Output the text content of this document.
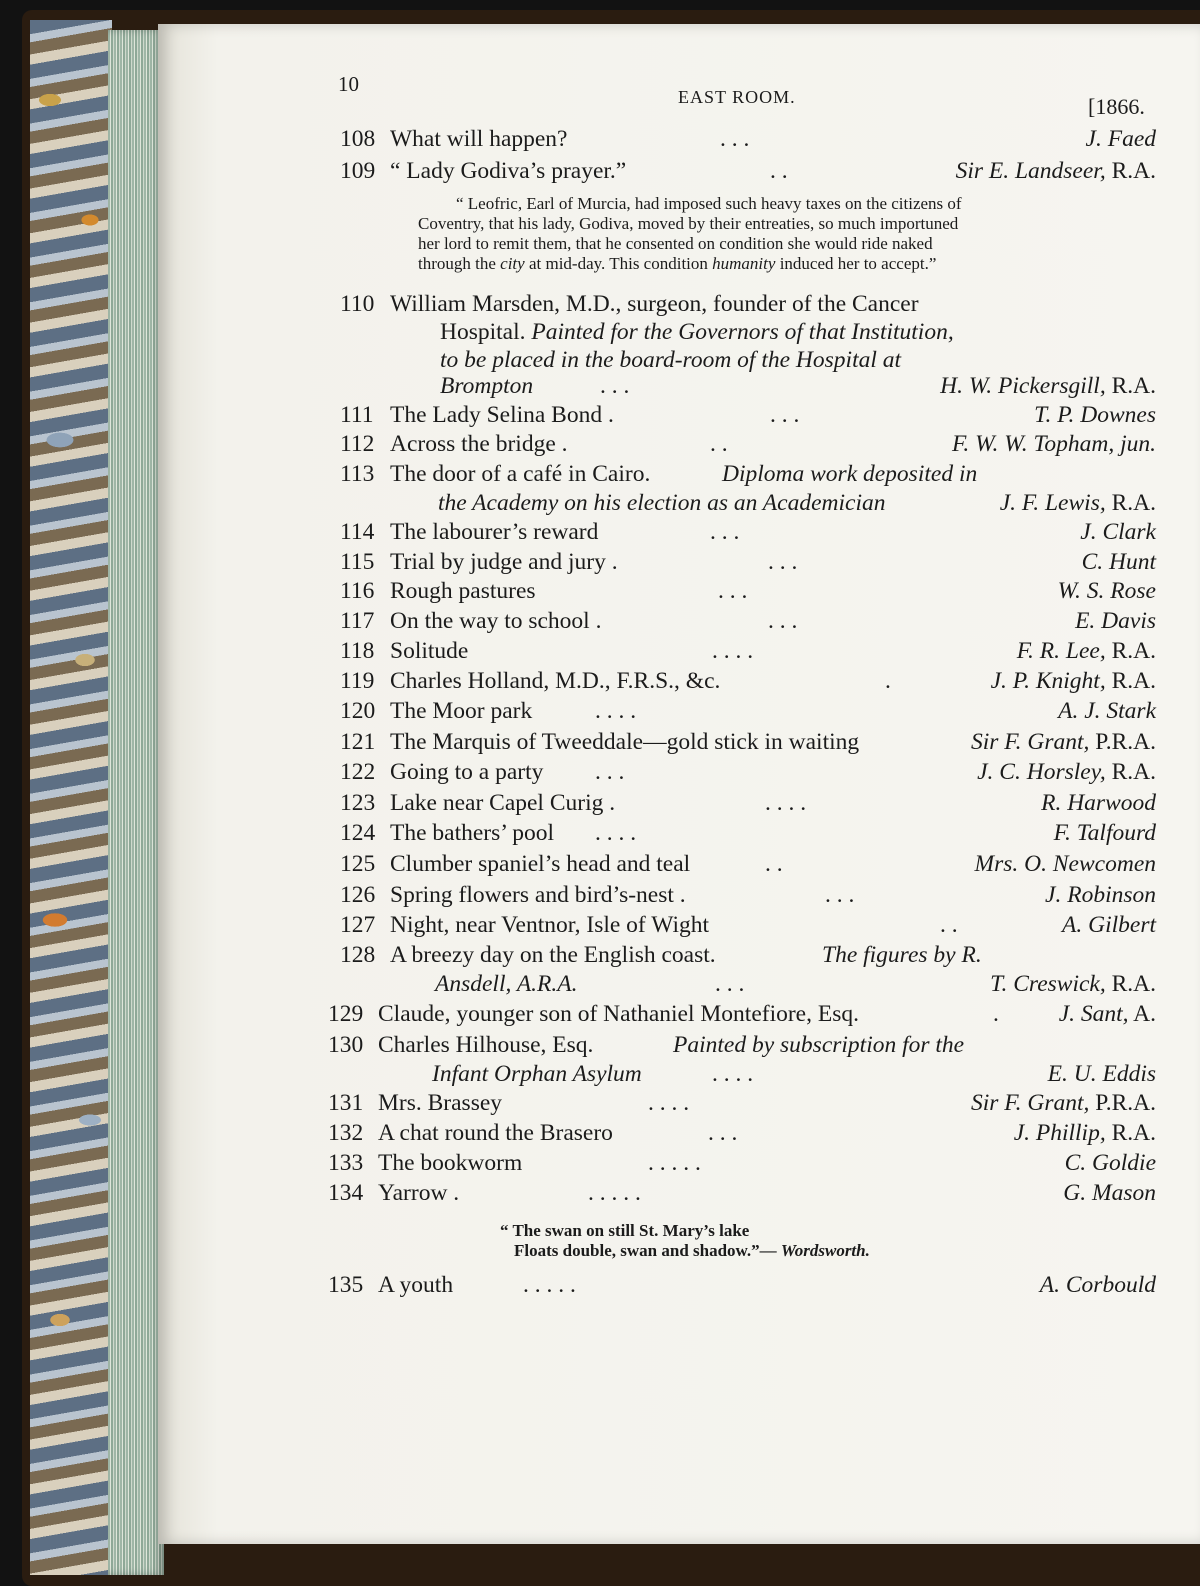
10
EAST ROOM.	[1866.
108 What will happen?	. . .	J. Faed
109 “ Lady Godiva’s prayer.”	. .	Sir E. Landseer, R.A.
“ Leofric, Earl of Murcia, had imposed such heavy taxes on the citizens of
Coventry, that his lady, Godiva, moved by their entreaties, so much importuned
her lord to remit them, that he consented on condition she would ride naked
through the city at mid-day. This condition humanity induced her to accept.”
110 William Marsden, M.D., surgeon, founder of the Cancer
Hospital. Painted for the Governors of that Institution,
to be placed in the board-room of the Hospital at
Brompton	. . .	H. W. Pickersgill, R.A.
111 The Lady Selina Bond .	. . .	T. P. Downes
112 Across the bridge .	. .	F. W. W. Topham, jun.
113 The door of a café in Cairo.	Diploma work deposited in
the Academy on his election as an Academician	J. F. Lewis, R.A.
114 The labourer’s reward	. . .	J. Clark
115 Trial by judge and jury .	. . .	C. Hunt
116 Rough pastures	. . .	W. S. Rose
117 On the way to school .	. . .	E. Davis
118 Solitude	. . . .	F. R. Lee, R.A.
119 Charles Holland, M.D., F.R.S., &c.	.	J. P. Knight, R.A.
120 The Moor park	. . . .	A. J. Stark
121 The Marquis of Tweeddale—gold stick in waiting	Sir F. Grant, P.R.A.
122 Going to a party . . .	J. C. Horsley, R.A.
123 Lake near Capel Curig .	. . . .	R. Harwood
124 The bathers’ pool . . . .	F. Talfourd
125 Clumber spaniel’s head and teal	. .	Mrs. O. Newcomen
126 Spring flowers and bird’s-nest .	. . .	J. Robinson
127 Night, near Ventnor, Isle of Wight	. .	A. Gilbert
128 A breezy day on the English coast.	The figures by R.
Ansdell, A.R.A.	. . .	T. Creswick, R.A.
129 Claude, younger son of Nathaniel Montefiore, Esq.	.	J. Sant, A.
130 Charles Hilhouse, Esq.	Painted by subscription for the
Infant Orphan Asylum	. . . .	E. U. Eddis
131 Mrs. Brassey	. . . .	Sir F. Grant, P.R.A.
132 A chat round the Brasero	. . .	J. Phillip, R.A.
133 The bookworm	. . . . .	C. Goldie
134 Yarrow .	. . . . .	G. Mason
“ The swan on still St. Mary’s lake
Floats double, swan and shadow.”— Wordsworth.
135 A youth	. . . . .	A. Corbould
